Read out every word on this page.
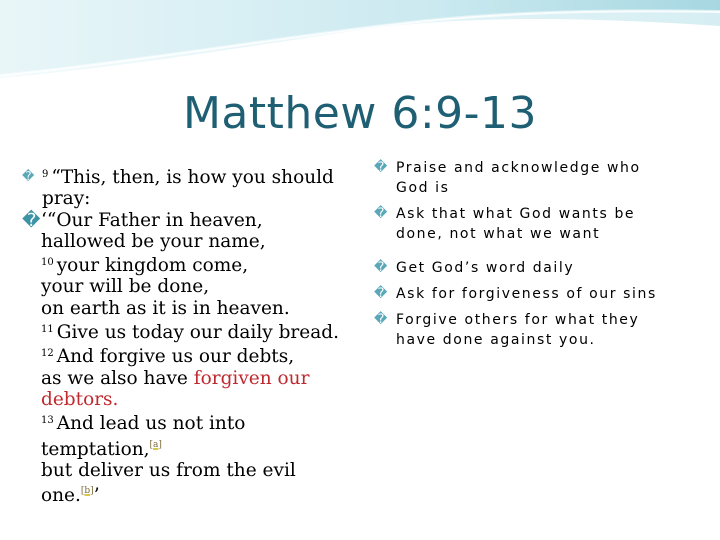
Matthew 6:9-13
� $^9$ “This, then, is how you should
pray:
� ‘“Our Father in heaven,
hallowed be your name,
$^{10}$ your kingdom come,
your will be done,
on earth as it is in heaven.
$^{11}$ Give us today our daily bread.
$^{12}$ And forgive us our debts,
as we also have forgiven our
debtors.
$^{13}$ And lead us not into
temptation,[a]
but deliver us from the evil
one.[b]’
� Praise and acknowledge who
God is
� Ask that what God wants be
done, not what we want
� Get God’s word daily
� Ask for forgiveness of our sins
� Forgive others for what they
have done against you.
